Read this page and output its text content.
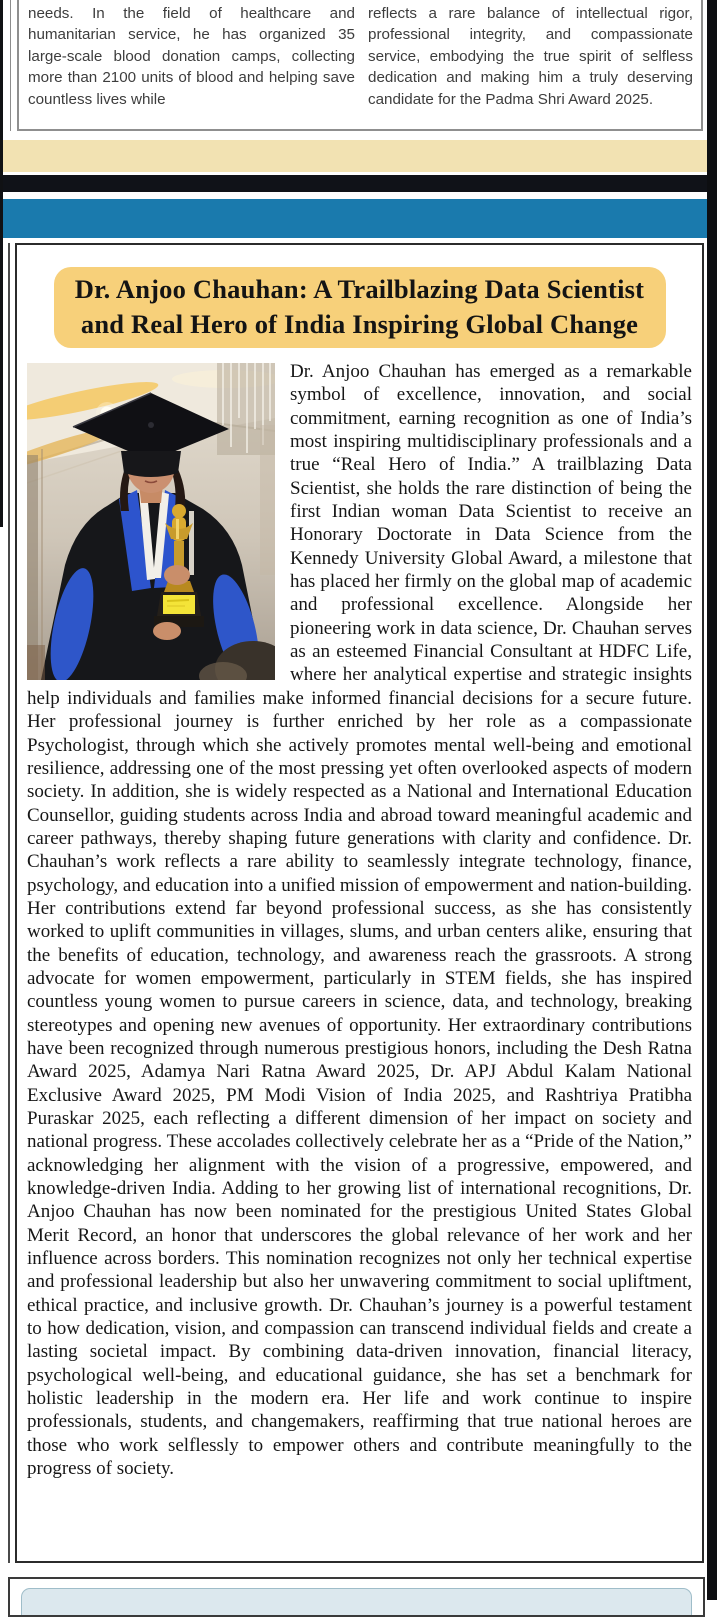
needs. In the field of healthcare and humanitarian service, he has organized 35 large-scale blood donation camps, collecting more than 2100 units of blood and helping save countless lives while

reflects a rare balance of intellectual rigor, professional integrity, and compassionate service, embodying the true spirit of selfless dedication and making him a truly deserving candidate for the Padma Shri Award 2025.

Dr. Anjoo Chauhan: A Trailblazing Data Scientist
and Real Hero of India Inspiring Global Change
Dr. Anjoo Chauhan has emerged as a remarkable symbol of excellence, innovation, and social commitment, earning recognition as one of India’s most inspiring multidisciplinary professionals and a true “Real Hero of India.” A trailblazing Data Scientist, she holds the rare distinction of being the first Indian woman Data Scientist to receive an Honorary Doctorate in Data Science from the Kennedy University Global Award, a milestone that has placed her firmly on the global map of academic and professional excellence. Alongside her pioneering work in data science, Dr. Chauhan serves as an esteemed Financial Consultant at HDFC Life, where her analytical expertise and strategic insights help individuals and families make informed financial decisions for a secure future. Her professional journey is further enriched by her role as a compassionate Psychologist, through which she actively promotes mental well-being and emotional resilience, addressing one of the most pressing yet often overlooked aspects of modern society. In addition, she is widely respected as a National and International Education Counsellor, guiding students across India and abroad toward meaningful academic and career pathways, thereby shaping future generations with clarity and confidence. Dr. Chauhan’s work reflects a rare ability to seamlessly integrate technology, finance, psychology, and education into a unified mission of empowerment and nation-building. Her contributions extend far beyond professional success, as she has consistently worked to uplift communities in villages, slums, and urban centers alike, ensuring that the benefits of education, technology, and awareness reach the grassroots. A strong advocate for women empowerment, particularly in STEM fields, she has inspired countless young women to pursue careers in science, data, and technology, breaking stereotypes and opening new avenues of opportunity. Her extraordinary contributions have been recognized through numerous prestigious honors, including the Desh Ratna Award 2025, Adamya Nari Ratna Award 2025, Dr. APJ Abdul Kalam National Exclusive Award 2025, PM Modi Vision of India 2025, and Rashtriya Pratibha Puraskar 2025, each reflecting a different dimension of her impact on society and national progress. These accolades collectively celebrate her as a “Pride of the Nation,” acknowledging her alignment with the vision of a progressive, empowered, and knowledge-driven India. Adding to her growing list of international recognitions, Dr. Anjoo Chauhan has now been nominated for the prestigious United States Global Merit Record, an honor that underscores the global relevance of her work and her influence across borders. This nomination recognizes not only her technical expertise and professional leadership but also her unwavering commitment to social upliftment, ethical practice, and inclusive growth. Dr. Chauhan’s journey is a powerful testament to how dedication, vision, and compassion can transcend individual fields and create a lasting societal impact. By combining data-driven innovation, financial literacy, psychological well-being, and educational guidance, she has set a benchmark for holistic leadership in the modern era. Her life and work continue to inspire professionals, students, and changemakers, reaffirming that true national heroes are those who work selflessly to empower others and contribute meaningfully to the progress of society.
